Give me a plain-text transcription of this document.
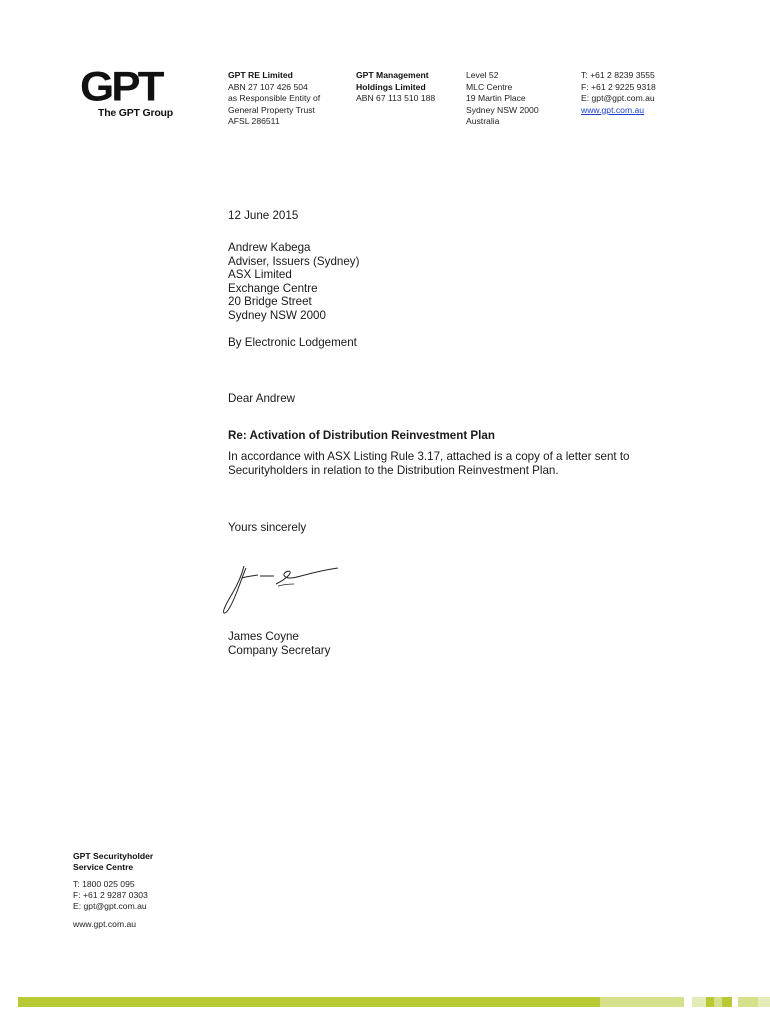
GPT
The GPT Group
GPT RE Limited
ABN 27 107 426 504
as Responsible Entity of
General Property Trust
AFSL 286511
GPT Management
Holdings Limited
ABN 67 113 510 188
Level 52
MLC Centre
19 Martin Place
Sydney NSW 2000
Australia
T: +61 2 8239 3555
F: +61 2 9225 9318
E: gpt@gpt.com.au
www.gpt.com.au
12 June 2015
Andrew Kabega
Adviser, Issuers (Sydney)
ASX Limited
Exchange Centre
20 Bridge Street
Sydney NSW 2000
By Electronic Lodgement
Dear Andrew
Re: Activation of Distribution Reinvestment Plan
In accordance with ASX Listing Rule 3.17, attached is a copy of a letter sent to
Securityholders in relation to the Distribution Reinvestment Plan.
Yours sincerely
James Coyne
Company Secretary
GPT Securityholder
Service Centre
T: 1800 025 095
F: +61 2 9287 0303
E: gpt@gpt.com.au
www.gpt.com.au
